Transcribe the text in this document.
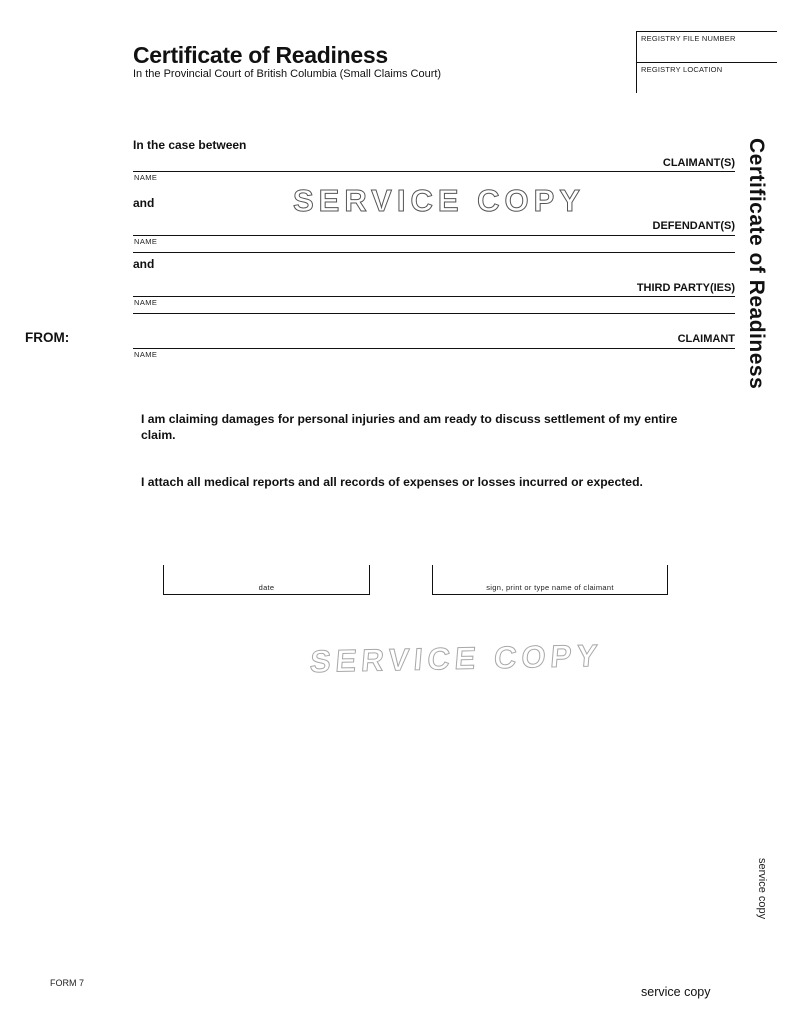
Certificate of Readiness
In the Provincial Court of British Columbia (Small Claims Court)
REGISTRY FILE NUMBER
REGISTRY LOCATION
Certificate of Readiness
service copy
In the case between
CLAIMANT(S)
NAME
and	SERVICE COPY
DEFENDANT(S)
NAME
and
THIRD PARTY(IES)
NAME
FROM:	CLAIMANT
NAME
I am claiming damages for personal injuries and am ready to discuss settlement of my entire claim.
I attach all medical reports and all records of expenses or losses incurred or expected.
date	sign, print or type name of claimant
SERVICE COPY
FORM 7
service copy
